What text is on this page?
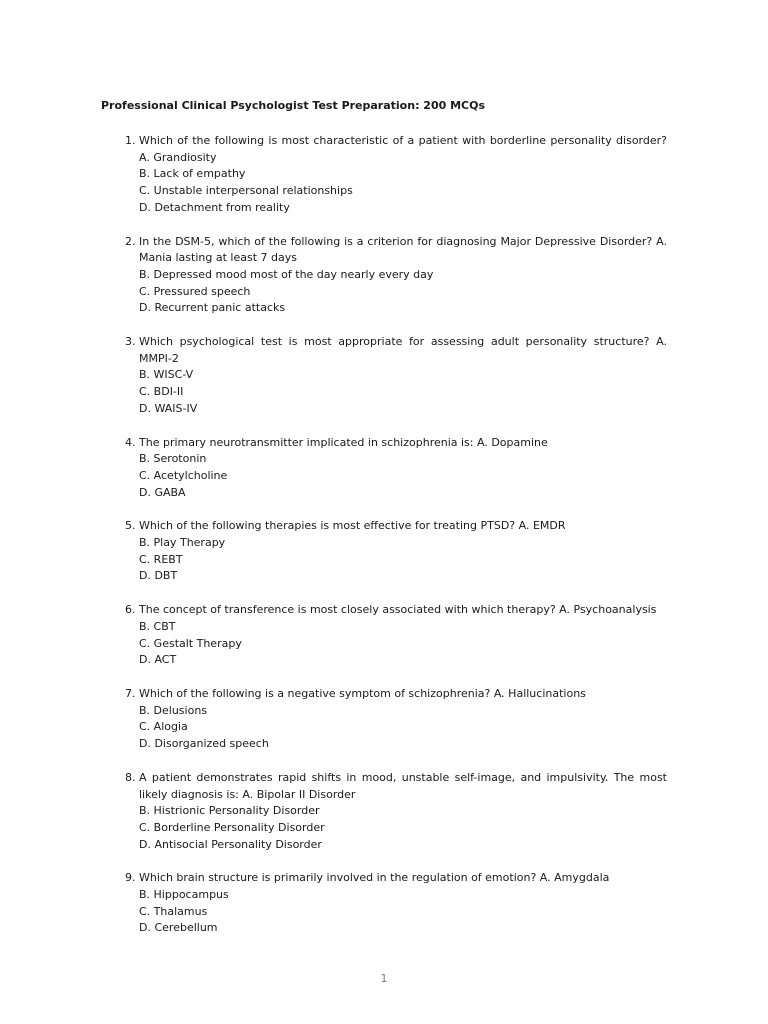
Professional Clinical Psychologist Test Preparation: 200 MCQs
1. Which of the following is most characteristic of a patient with borderline personality disorder? A. Grandiosity
B. Lack of empathy
C. Unstable interpersonal relationships
D. Detachment from reality
2. In the DSM-5, which of the following is a criterion for diagnosing Major Depressive Disorder? A. Mania lasting at least 7 days
B. Depressed mood most of the day nearly every day
C. Pressured speech
D. Recurrent panic attacks
3. Which psychological test is most appropriate for assessing adult personality structure? A. MMPI-2
B. WISC-V
C. BDI-II
D. WAIS-IV
4. The primary neurotransmitter implicated in schizophrenia is: A. Dopamine
B. Serotonin
C. Acetylcholine
D. GABA
5. Which of the following therapies is most effective for treating PTSD? A. EMDR
B. Play Therapy
C. REBT
D. DBT
6. The concept of transference is most closely associated with which therapy? A. Psychoanalysis
B. CBT
C. Gestalt Therapy
D. ACT
7. Which of the following is a negative symptom of schizophrenia? A. Hallucinations
B. Delusions
C. Alogia
D. Disorganized speech
8. A patient demonstrates rapid shifts in mood, unstable self-image, and impulsivity. The most likely diagnosis is: A. Bipolar II Disorder
B. Histrionic Personality Disorder
C. Borderline Personality Disorder
D. Antisocial Personality Disorder
9. Which brain structure is primarily involved in the regulation of emotion? A. Amygdala
B. Hippocampus
C. Thalamus
D. Cerebellum
1
